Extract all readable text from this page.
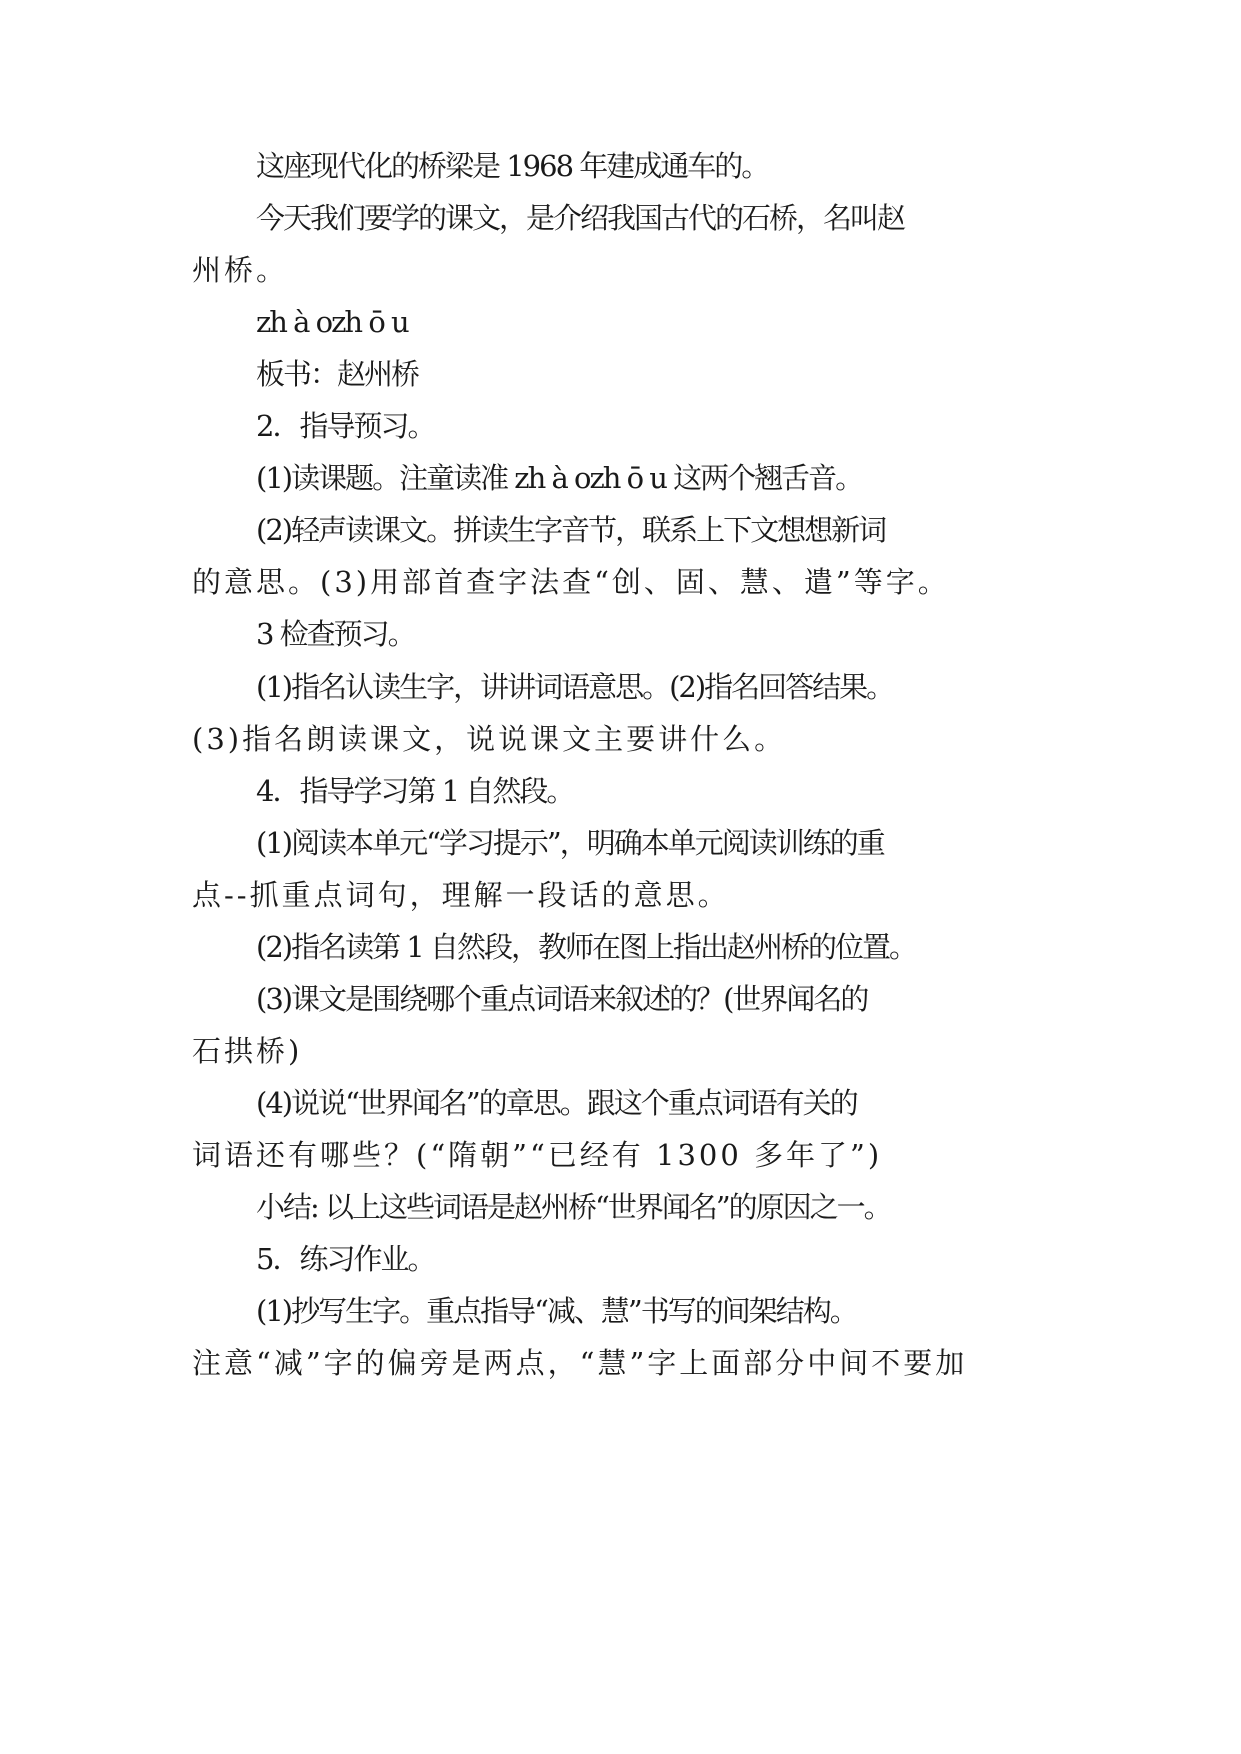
这座现代化的桥梁是 1968 年建成通车的。
今天我们要学的课文，是介绍我国古代的石桥，名叫赵
州桥。
zh à ozh ō u
板书：赵州桥
2．指导预习。
(1)读课题。注童读准 zh à ozh ō u 这两个翘舌音。
(2)轻声读课文。拼读生字音节，联系上下文想想新词
的意思。(3)用部首查字法查“创、固、慧、遣”等字。
3 检查预习。
(1)指名认读生字，讲讲词语意思。(2)指名回答结果。
(3)指名朗读课文，说说课文主要讲什么。
4．指导学习第 1 自然段。
(1)阅读本单元“学习提示”，明确本单元阅读训练的重
点--抓重点词句，理解一段话的意思。
(2)指名读第 1 自然段，教师在图上指出赵州桥的位置。
(3)课文是围绕哪个重点词语来叙述的？(世界闻名的
石拱桥)
(4)说说“世界闻名”的章思。跟这个重点词语有关的
词语还有哪些？(“隋朝”“已经有 1300 多年了”)
小结: 以上这些词语是赵州桥“世界闻名”的原因之一。
5．练习作业。
(1)抄写生字。重点指导“减、慧”书写的间架结构。
注意“减”字的偏旁是两点，“慧”字上面部分中间不要加
